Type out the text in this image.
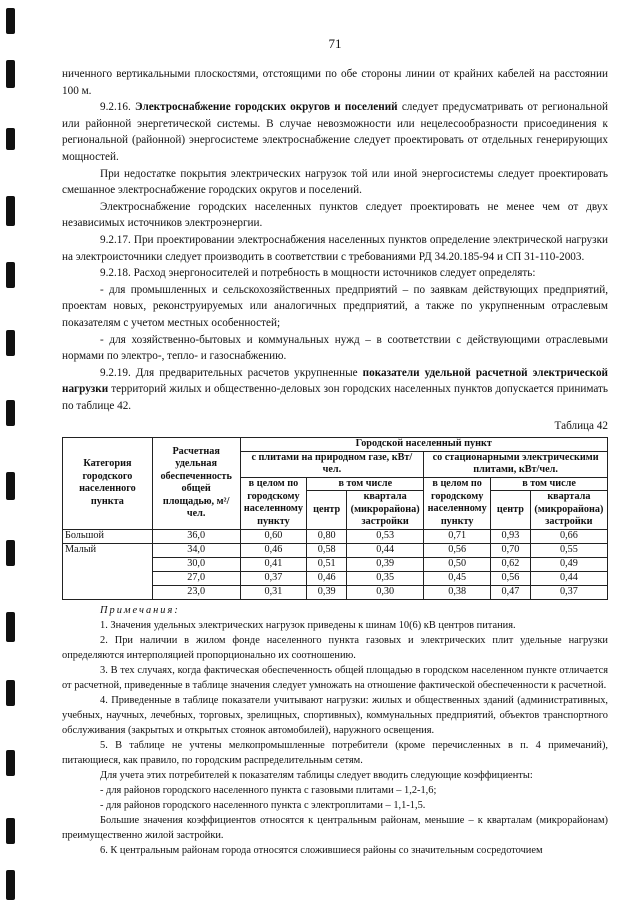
71

ниченного вертикальными плоскостями, отстоящими по обе стороны линии от крайних кабелей на расстоянии 100 м.

9.2.16. Электроснабжение городских округов и поселений следует предусматривать от региональной или районной энергетической системы. В случае невозможности или нецелесообразности присоединения к региональной (районной) энергосистеме электроснабжение следует проектировать от отдельных генерирующих мощностей.

При недостатке покрытия электрических нагрузок той или иной энергосистемы следует проектировать смешанное электроснабжение городских округов и поселений.

Электроснабжение городских населенных пунктов следует проектировать не менее чем от двух независимых источников электроэнергии.

9.2.17. При проектировании электроснабжения населенных пунктов определение электрической нагрузки на электроисточники следует производить в соответствии с требованиями РД 34.20.185-94 и СП 31-110-2003.

9.2.18. Расход энергоносителей и потребность в мощности источников следует определять:

- для промышленных и сельскохозяйственных предприятий – по заявкам действующих предприятий, проектам новых, реконструируемых или аналогичных предприятий, а также по укрупненным отраслевым показателям с учетом местных особенностей;

- для хозяйственно-бытовых и коммунальных нужд – в соответствии с действующими отраслевыми нормами по электро-, тепло- и газоснабжению.

9.2.19. Для предварительных расчетов укрупненные показатели удельной расчетной электрической нагрузки территорий жилых и общественно-деловых зон городских населенных пунктов допускается принимать по таблице 42.

Таблица 42
Категория городского населенного пункта	Расчетная удельная обеспеченность общей площадью, м²/чел.	Городской населенный пункт					
		с плитами на природном газе, кВт/чел.			со стационарными электрическими плитами, кВт/чел.		
		в целом по городскому населенному пункту	в том числе		в целом по городскому населенному пункту	в том числе	
			центр	квартала (микрорайона) застройки		центр	квартала (микрорайона) застройки
Большой	36,0	0,60	0,80	0,53	0,71	0,93	0,66
Малый	34,0	0,46	0,58	0,44	0,56	0,70	0,55
	30,0	0,41	0,51	0,39	0,50	0,62	0,49
	27,0	0,37	0,46	0,35	0,45	0,56	0,44
	23,0	0,31	0,39	0,30	0,38	0,47	0,37

Примечания:

1. Значения удельных электрических нагрузок приведены к шинам 10(6) кВ центров питания.

2. При наличии в жилом фонде населенного пункта газовых и электрических плит удельные нагрузки определяются интерполяцией пропорционально их соотношению.

3. В тех случаях, когда фактическая обеспеченность общей площадью в городском населенном пункте отличается от расчетной, приведенные в таблице значения следует умножать на отношение фактической обеспеченности к расчетной.

4. Приведенные в таблице показатели учитывают нагрузки: жилых и общественных зданий (административных, учебных, научных, лечебных, торговых, зрелищных, спортивных), коммунальных предприятий, объектов транспортного обслуживания (закрытых и открытых стоянок автомобилей), наружного освещения.

5. В таблице не учтены мелкопромышленные потребители (кроме перечисленных в п. 4 примечаний), питающиеся, как правило, по городским распределительным сетям.

Для учета этих потребителей к показателям таблицы следует вводить следующие коэффициенты:

- для районов городского населенного пункта с газовыми плитами – 1,2-1,6;

- для районов городского населенного пункта с электроплитами – 1,1-1,5.

Большие значения коэффициентов относятся к центральным районам, меньшие – к кварталам (микрорайонам) преимущественно жилой застройки.

6. К центральным районам города относятся сложившиеся районы со значительным сосредоточием
